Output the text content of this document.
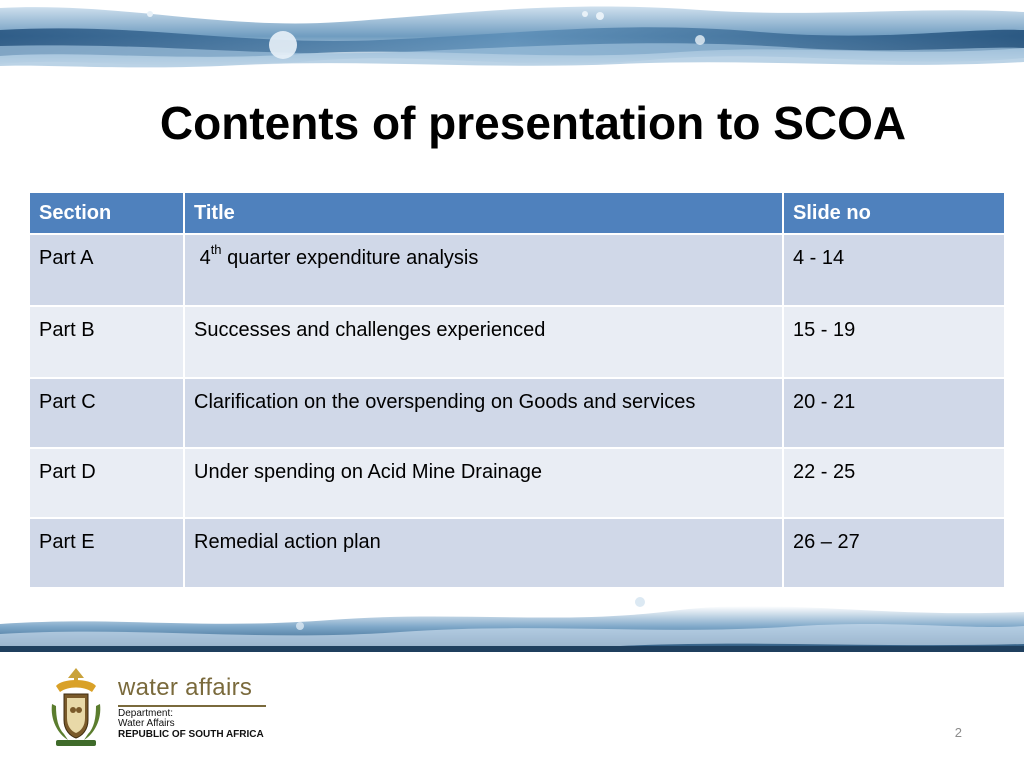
Contents of presentation to SCOA
Section	Title	Slide no
Part A	4th quarter expenditure analysis	4 - 14
Part B	Successes and challenges experienced	15 - 19
Part C	Clarification on the overspending on Goods and services	20 - 21
Part D	Under spending on Acid Mine Drainage	22 - 25
Part E	Remedial action plan	26 – 27
water affairs
Department:
Water Affairs
REPUBLIC OF SOUTH AFRICA	2
